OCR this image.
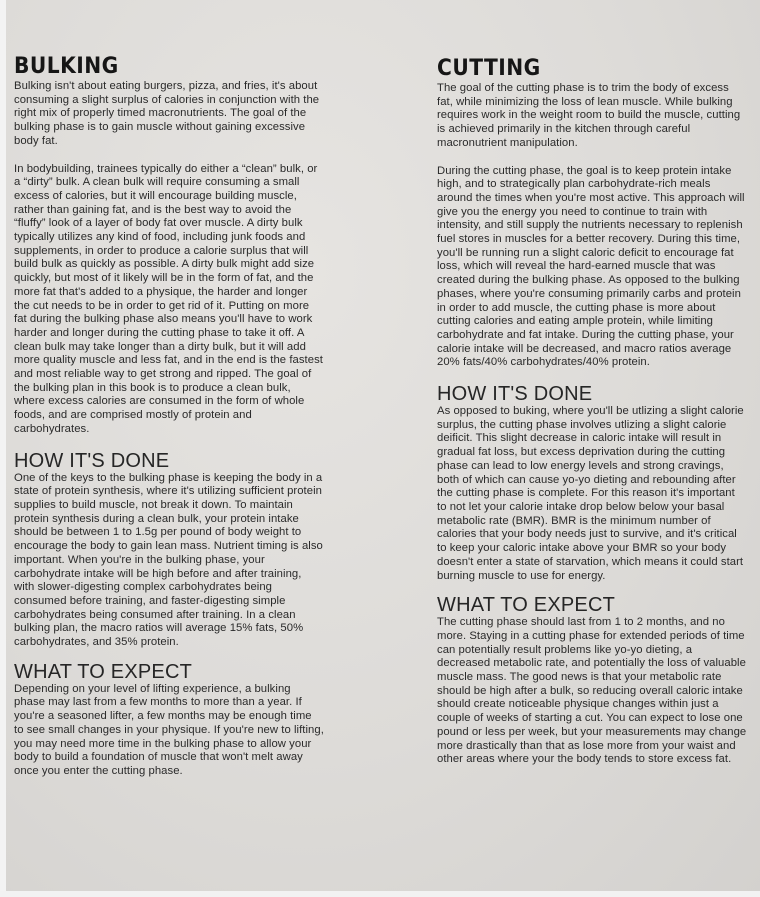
BULKING

Bulking isn't about eating burgers, pizza, and fries, it's about consuming a slight surplus of calories in conjunction with the right mix of properly timed macronutrients. The goal of the bulking phase is to gain muscle without gaining excessive body fat.

In bodybuilding, trainees typically do either a “clean” bulk, or a “dirty” bulk. A clean bulk will require consuming a small excess of calories, but it will encourage building muscle, rather than gaining fat, and is the best way to avoid the “fluffy” look of a layer of body fat over muscle. A dirty bulk typically utilizes any kind of food, including junk foods and supplements, in order to produce a calorie surplus that will build bulk as quickly as possible. A dirty bulk might add size quickly, but most of it likely will be in the form of fat, and the more fat that's added to a physique, the harder and longer the cut needs to be in order to get rid of it. Putting on more fat during the bulking phase also means you'll have to work harder and longer during the cutting phase to take it off. A clean bulk may take longer than a dirty bulk, but it will add more quality muscle and less fat, and in the end is the fastest and most reliable way to get strong and ripped. The goal of the bulking plan in this book is to produce a clean bulk, where excess calories are consumed in the form of whole foods, and are comprised mostly of protein and carbohydrates.

HOW IT'S DONE

One of the keys to the bulking phase is keeping the body in a state of protein synthesis, where it's utilizing sufficient protein supplies to build muscle, not break it down. To maintain protein synthesis during a clean bulk, your protein intake should be between 1 to 1.5g per pound of body weight to encourage the body to gain lean mass. Nutrient timing is also important. When you're in the bulking phase, your carbohydrate intake will be high before and after training, with slower-digesting complex carbohydrates being consumed before training, and faster-digesting simple carbohydrates being consumed after training. In a clean bulking plan, the macro ratios will average 15% fats, 50% carbohydrates, and 35% protein.

WHAT TO EXPECT

Depending on your level of lifting experience, a bulking phase may last from a few months to more than a year. If you're a seasoned lifter, a few months may be enough time to see small changes in your physique. If you're new to lifting, you may need more time in the bulking phase to allow your body to build a foundation of muscle that won't melt away once you enter the cutting phase.

CUTTING

The goal of the cutting phase is to trim the body of excess fat, while minimizing the loss of lean muscle. While bulking requires work in the weight room to build the muscle, cutting is achieved primarily in the kitchen through careful macronutrient manipulation.

During the cutting phase, the goal is to keep protein intake high, and to strategically plan carbohydrate-rich meals around the times when you're most active. This approach will give you the energy you need to continue to train with intensity, and still supply the nutrients necessary to replenish fuel stores in muscles for a better recovery. During this time, you'll be running run a slight caloric deficit to encourage fat loss, which will reveal the hard-earned muscle that was created during the bulking phase. As opposed to the bulking phases, where you're consuming primarily carbs and protein in order to add muscle, the cutting phase is more about cutting calories and eating ample protein, while limiting carbohydrate and fat intake. During the cutting phase, your calorie intake will be decreased, and macro ratios average 20% fats/40% carbohydrates/40% protein.

HOW IT'S DONE

As opposed to buking, where you'll be utlizing a slight calorie surplus, the cutting phase involves utlizing a slight calorie deificit. This slight decrease in caloric intake will result in gradual fat loss, but excess deprivation during the cutting phase can lead to low energy levels and strong cravings, both of which can cause yo-yo dieting and rebounding after the cutting phase is complete. For this reason it's important to not let your calorie intake drop below below your basal metabolic rate (BMR). BMR is the minimum number of calories that your body needs just to survive, and it's critical to keep your caloric intake above your BMR so your body doesn't enter a state of starvation, which means it could start burning muscle to use for energy.

WHAT TO EXPECT

The cutting phase should last from 1 to 2 months, and no more. Staying in a cutting phase for extended periods of time can potentially result problems like yo-yo dieting, a decreased metabolic rate, and potentially the loss of valuable muscle mass. The good news is that your metabolic rate should be high after a bulk, so reducing overall caloric intake should create noticeable physique changes within just a couple of weeks of starting a cut. You can expect to lose one pound or less per week, but your measurements may change more drastically than that as lose more from your waist and other areas where your the body tends to store excess fat.
